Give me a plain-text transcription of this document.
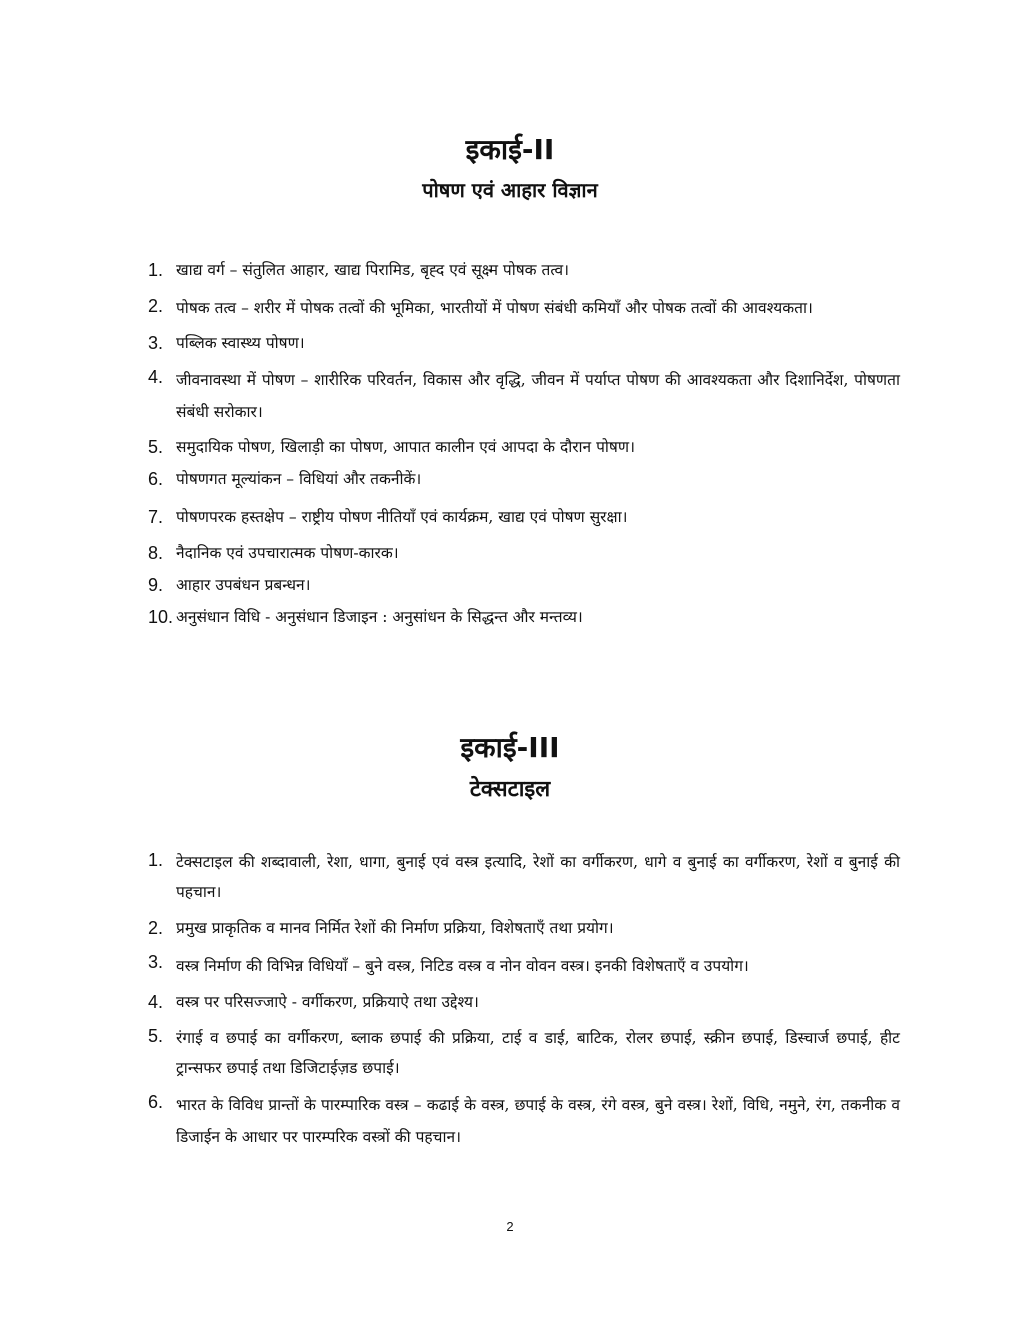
इकाई-II
पोषण एवं आहार विज्ञान
1. खाद्य वर्ग – संतुलित आहार, खाद्य पिरामिड, बृह्द एवं सूक्ष्म पोषक तत्व।
2. पोषक तत्व – शरीर में पोषक तत्वों की भूमिका, भारतीयों में पोषण संबंधी कमियाँ और पोषक तत्वों की आवश्यकता।
3. पब्लिक स्वास्थ्य पोषण।
4. जीवनावस्था में पोषण – शारीरिक परिवर्तन, विकास और वृद्धि, जीवन में पर्याप्त पोषण की आवश्यकता और दिशानिर्देश, पोषणता संबंधी सरोकार।
5. समुदायिक पोषण, खिलाड़ी का पोषण, आपात कालीन एवं आपदा के दौरान पोषण।
6. पोषणगत मूल्यांकन – विधियां और तकनीकें।
7. पोषणपरक हस्तक्षेप – राष्ट्रीय पोषण नीतियाँ एवं कार्यक्रम, खाद्य एवं पोषण सुरक्षा।
8. नैदानिक एवं उपचारात्मक पोषण-कारक।
9. आहार उपबंधन प्रबन्धन।
10. अनुसंधान विधि - अनुसंधान डिजाइन : अनुसांधन के सिद्धन्त और मन्तव्य।
इकाई-III
टेक्सटाइल
1. टेक्सटाइल की शब्दावाली, रेशा, धागा, बुनाई एवं वस्त्र इत्यादि, रेशों का वर्गीकरण, धागे व बुनाई का वर्गीकरण, रेशों व बुनाई की पहचान।
2. प्रमुख प्राकृतिक व मानव निर्मित रेशों की निर्माण प्रक्रिया, विशेषताएँ तथा प्रयोग।
3. वस्त्र निर्माण की विभिन्न विधियाँ – बुने वस्त्र, निटिड वस्त्र व नोन वोवन वस्त्र। इनकी विशेषताएँ व उपयोग।
4. वस्त्र पर परिसज्जाऐ - वर्गीकरण, प्रक्रियाऐ तथा उद्देश्य।
5. रंगाई व छपाई का वर्गीकरण, ब्लाक छपाई की प्रक्रिया, टाई व डाई, बाटिक, रोलर छपाई, स्क्रीन छपाई, डिस्चार्ज छपाई, हीट ट्रान्सफर छपाई तथा डिजिटाईज़ड छपाई।
6. भारत के विविध प्रान्तों के पारम्पारिक वस्त्र – कढाई के वस्त्र, छपाई के वस्त्र, रंगे वस्त्र, बुने वस्त्र। रेशों, विधि, नमुने, रंग, तकनीक व डिजाईन के आधार पर पारम्परिक वस्त्रों की पहचान।
2
